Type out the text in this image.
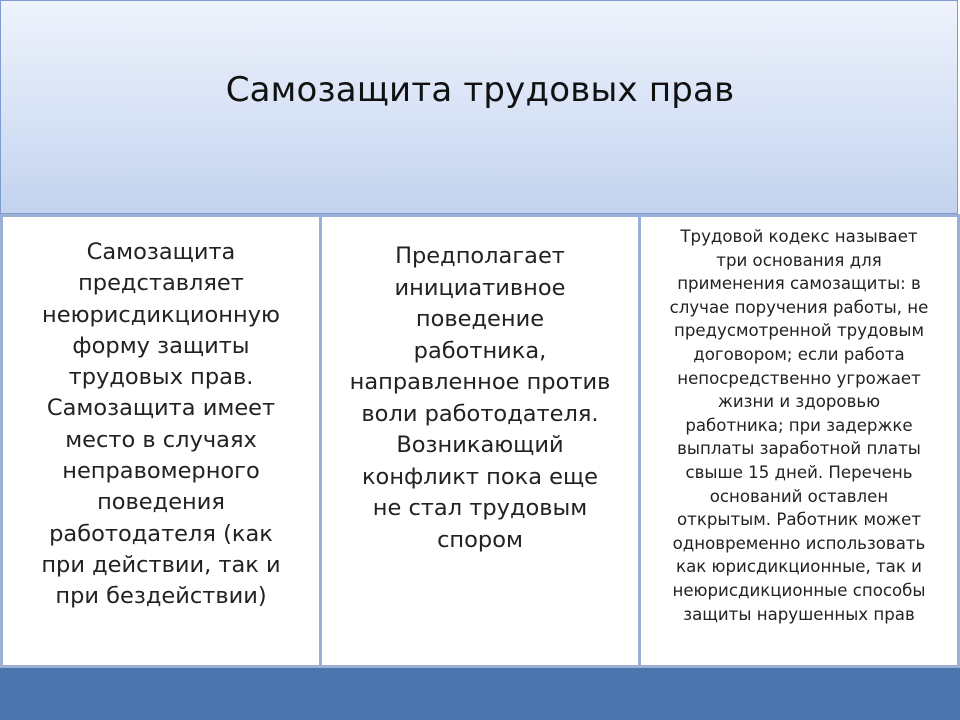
Самозащита трудовых прав
Самозащита
представляет
неюрисдикционную
форму защиты
трудовых прав.
Самозащита имеет
место в случаях
неправомерного
поведения
работодателя (как
при действии, так и
при бездействии)
Предполагает
инициативное
поведение
работника,
направленное против
воли работодателя.
Возникающий
конфликт пока еще
не стал трудовым
спором
Трудовой кодекс называет
три основания для
применения самозащиты: в
случае поручения работы, не
предусмотренной трудовым
договором; если работа
непосредственно угрожает
жизни и здоровью
работника; при задержке
выплаты заработной платы
свыше 15 дней. Перечень
оснований оставлен
открытым. Работник может
одновременно использовать
как юрисдикционные, так и
неюрисдикционные способы
защиты нарушенных прав
